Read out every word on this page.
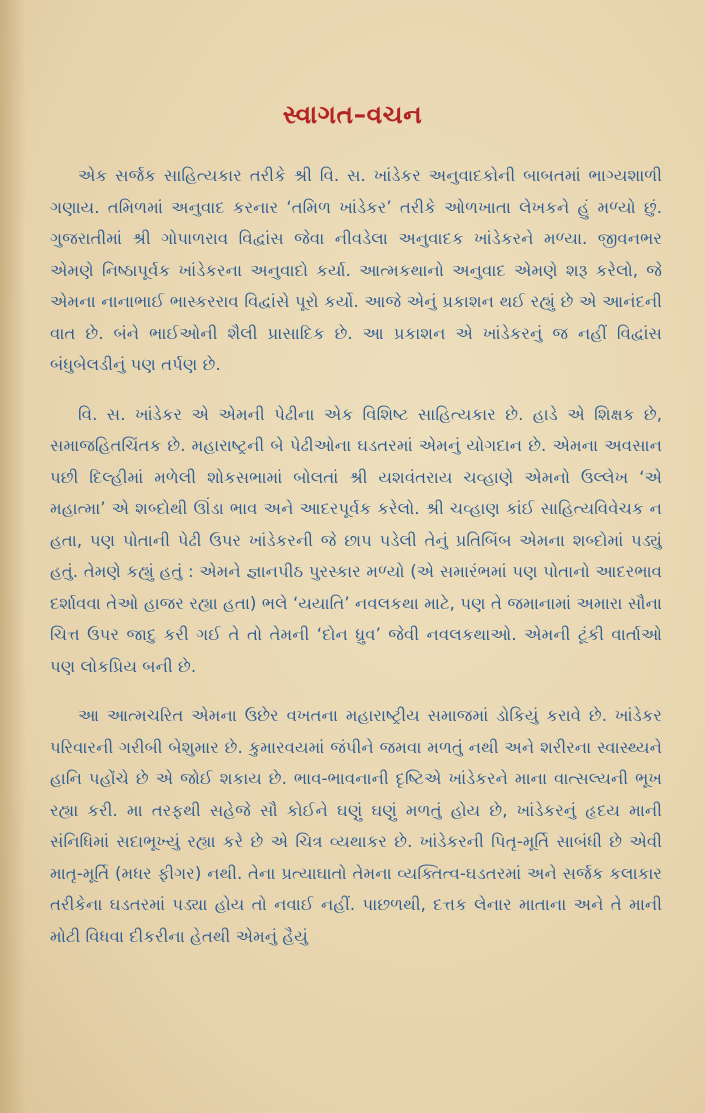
સ્વાગત–વચન

એક સર્જક સાહિત્યકાર તરીકે શ્રી વિ. સ. ખાંડેકર અનુવાદકોની બાબતમાં ભાગ્યશાળી ગણાય. તમિળમાં અનુવાદ કરનાર ‘તમિળ ખાંડેકર’ તરીકે ઓળખાતા લેખકને હું મળ્યો છું. ગુજરાતીમાં શ્રી ગોપાળરાવ વિદ્વાંસ જેવા નીવડેલા અનુવાદક ખાંડેકરને મળ્યા. જીવનભર એમણે નિષ્ઠાપૂર્વક ખાંડેકરના અનુવાદો કર્યા. આત્મકથાનો અનુવાદ એમણે શરૂ કરેલો, જે એમના નાનાભાઈ ભાસ્કરરાવ વિદ્વાંસે પૂરો કર્યો. આજે એનું પ્રકાશન થઈ રહ્યું છે એ આનંદની વાત છે. બંને ભાઈઓની શૈલી પ્રાસાદિક છે. આ પ્રકાશન એ ખાંડેકરનું જ નહીં વિદ્વાંસ બંધુબેલડીનું પણ તર્પણ છે.

વિ. સ. ખાંડેકર એ એમની પેઢીના એક વિશિષ્ટ સાહિત્યકાર છે. હાડે એ શિક્ષક છે, સમાજહિતચિંતક છે. મહારાષ્ટ્રની બે પેઢીઓના ઘડતરમાં એમનું યોગદાન છે. એમના અવસાન પછી દિલ્હીમાં મળેલી શોકસભામાં બોલતાં શ્રી યશવંતરાય ચવ્હાણે એમનો ઉલ્લેખ ‘એ મહાત્મા’ એ શબ્દોથી ઊંડા ભાવ અને આદરપૂર્વક કરેલો. શ્રી ચવ્હાણ કાંઈ સાહિત્યવિવેચક ન હતા, પણ પોતાની પેઢી ઉપર ખાંડેકરની જે છાપ પડેલી તેનું પ્રતિબિંબ એમના શબ્દોમાં પડ્યું હતું. તેમણે કહ્યું હતું : એમને જ્ઞાનપીઠ પુરસ્કાર મળ્યો (એ સમારંભમાં પણ પોતાનો આદરભાવ દર્શાવવા તેઓ હાજર રહ્યા હતા) ભલે ‘યયાતિ’ નવલકથા માટે, પણ તે જમાનામાં અમારા સૌના ચિત્ત ઉપર જાદુ કરી ગઈ તે તો તેમની ‘દોન ધ્રુવ’ જેવી નવલકથાઓ. એમની ટૂંકી વાર્તાઓ પણ લોકપ્રિય બની છે.

આ આત્મચરિત એમના ઉછેર વખતના મહારાષ્ટ્રીય સમાજમાં ડોકિયું કરાવે છે. ખાંડેકર પરિવારની ગરીબી બેશુમાર છે. કુમારવયમાં જંપીને જમવા મળતું નથી અને શરીરના સ્વાસ્થ્યને હાનિ પહોંચે છે એ જોઈ શકાય છે. ભાવ-ભાવનાની દૃષ્ટિએ ખાંડેકરને માના વાત્સલ્યની ભૂખ રહ્યા કરી. મા તરફથી સહેજે સૌ કોઈને ઘણું ઘણું મળતું હોય છે, ખાંડેકરનું હૃદય માની સંનિધિમાં સદાભૂખ્યું રહ્યા કરે છે એ ચિત્ર વ્યથાકર છે. ખાંડેકરની પિતૃ-મૂર્તિ સાબંધી છે એવી માતૃ-મૂર્તિ (મધર ફીગર) નથી. તેના પ્રત્યાઘાતો તેમના વ્યક્તિત્વ-ઘડતરમાં અને સર્જક કલાકાર તરીકેના ઘડતરમાં પડ્યા હોય તો નવાઈ નહીં. પાછળથી, દત્તક લેનાર માતાના અને તે માની મોટી વિધવા દીકરીના હેતથી એમનું હૈયું
